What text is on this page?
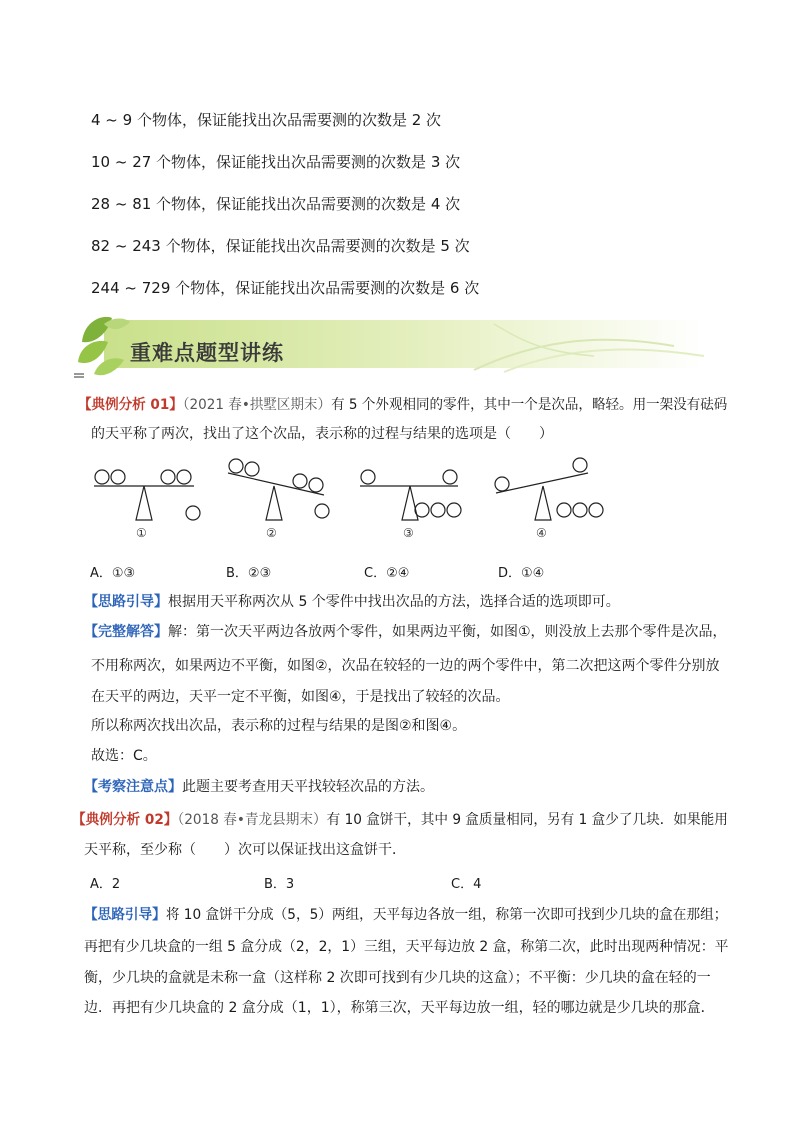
4 ~ 9 个物体，保证能找出次品需要测的次数是 2 次
10 ~ 27 个物体，保证能找出次品需要测的次数是 3 次
28 ~ 81 个物体，保证能找出次品需要测的次数是 4 次
82 ~ 243 个物体，保证能找出次品需要测的次数是 5 次
244 ~ 729 个物体，保证能找出次品需要测的次数是 6 次
重难点题型讲练
【典例分析 01】（2021 春•拱墅区期末）有 5 个外观相同的零件，其中一个是次品，略轻。用一架没有砝码
的天平称了两次，找出了这个次品，表示称的过程与结果的选项是（　　）
①	②	③	④
A．①③	B．②③	C．②④	D．①④
【思路引导】根据用天平称两次从 5 个零件中找出次品的方法，选择合适的选项即可。
【完整解答】解：第一次天平两边各放两个零件，如果两边平衡，如图①，则没放上去那个零件是次品，
不用称两次，如果两边不平衡，如图②，次品在较轻的一边的两个零件中，第二次把这两个零件分别放
在天平的两边，天平一定不平衡，如图④，于是找出了较轻的次品。
所以称两次找出次品，表示称的过程与结果的是图②和图④。
故选：C。
【考察注意点】此题主要考查用天平找较轻次品的方法。
【典例分析 02】（2018 春•青龙县期末）有 10 盒饼干，其中 9 盒质量相同，另有 1 盒少了几块．如果能用
天平称，至少称（　　）次可以保证找出这盒饼干．
A．2	B．3	C．4
【思路引导】将 10 盒饼干分成（5，5）两组，天平每边各放一组，称第一次即可找到少几块的盒在那组；
再把有少几块盒的一组 5 盒分成（2，2，1）三组，天平每边放 2 盒，称第二次，此时出现两种情况：平
衡，少几块的盒就是未称一盒（这样称 2 次即可找到有少几块的这盒）；不平衡：少几块的盒在轻的一
边．再把有少几块盒的 2 盒分成（1，1），称第三次，天平每边放一组，轻的哪边就是少几块的那盒．
